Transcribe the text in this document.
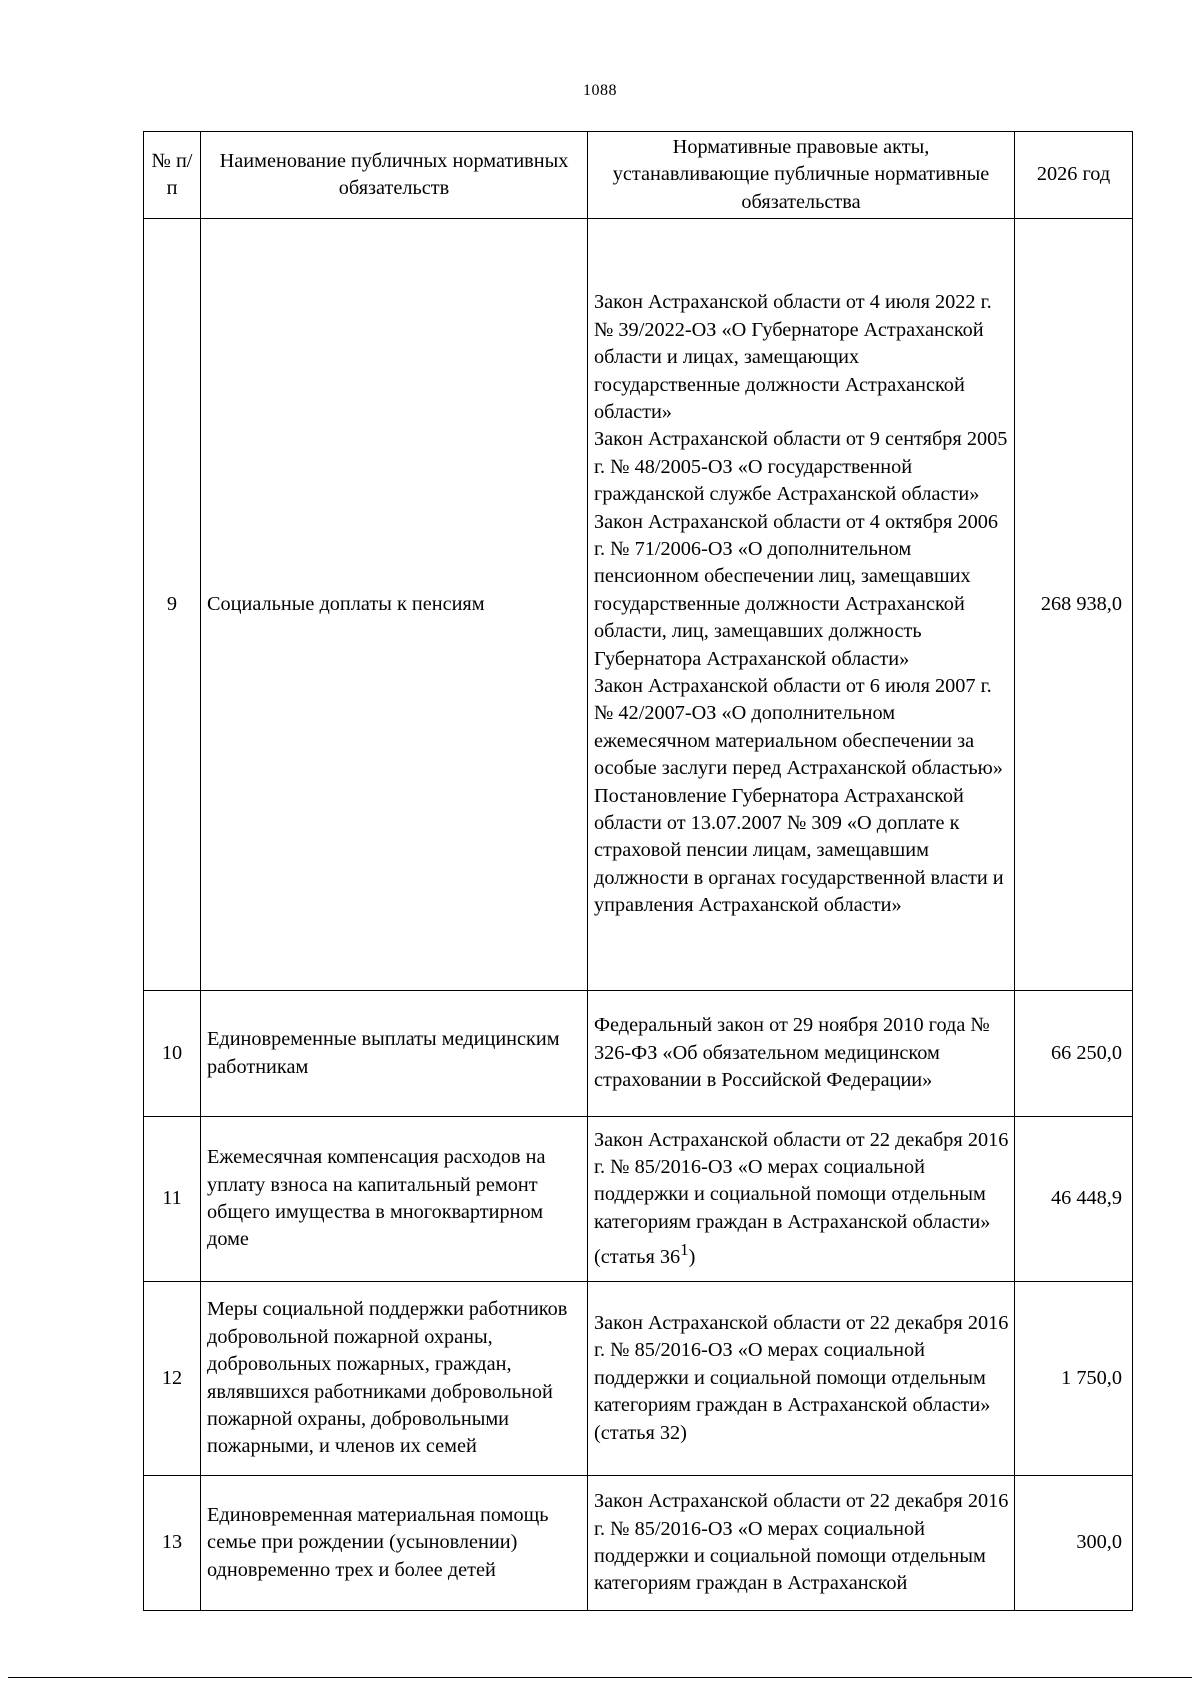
1088
№ п/п	Наименование публичных нормативных обязательств	Нормативные правовые акты, устанавливающие публичные нормативные обязательства	2026 год
9	Социальные доплаты к пенсиям	Закон Астраханской области от 4 июля 2022 г. № 39/2022-ОЗ «О Губернаторе Астраханской области и лицах, замещающих государственные должности Астраханской области»
Закон Астраханской области от 9 сентября 2005 г. № 48/2005-ОЗ «О государственной гражданской службе Астраханской области»
Закон Астраханской области от 4 октября 2006 г. № 71/2006-ОЗ «О дополнительном пенсионном обеспечении лиц, замещавших государственные должности Астраханской области, лиц, замещавших должность Губернатора Астраханской области»
Закон Астраханской области от 6 июля 2007 г. № 42/2007-ОЗ «О дополнительном ежемесячном материальном обеспечении за особые заслуги перед Астраханской областью»
Постановление Губернатора Астраханской области от 13.07.2007 № 309 «О доплате к страховой пенсии лицам, замещавшим должности в органах государственной власти и управления Астраханской области»	268 938,0
10	Единовременные выплаты медицинским работникам	Федеральный закон от 29 ноября 2010 года № 326-ФЗ «Об обязательном медицинском страховании в Российской Федерации»	66 250,0
11	Ежемесячная компенсация расходов на уплату взноса на капитальный ремонт общего имущества в многоквартирном доме	Закон Астраханской области от 22 декабря 2016 г. № 85/2016-ОЗ «О мерах социальной поддержки и социальной помощи отдельным категориям граждан в Астраханской области» (статья $36^1$)	46 448,9
12	Меры социальной поддержки работников добровольной пожарной охраны, добровольных пожарных, граждан, являвшихся работниками добровольной пожарной охраны, добровольными пожарными, и членов их семей	Закон Астраханской области от 22 декабря 2016 г. № 85/2016-ОЗ «О мерах социальной поддержки и социальной помощи отдельным категориям граждан в Астраханской области» (статья 32)	1 750,0
13	Единовременная материальная помощь семье при рождении (усыновлении) одновременно трех и более детей	Закон Астраханской области от 22 декабря 2016 г. № 85/2016-ОЗ «О мерах социальной поддержки и социальной помощи отдельным категориям граждан в Астраханской	300,0
